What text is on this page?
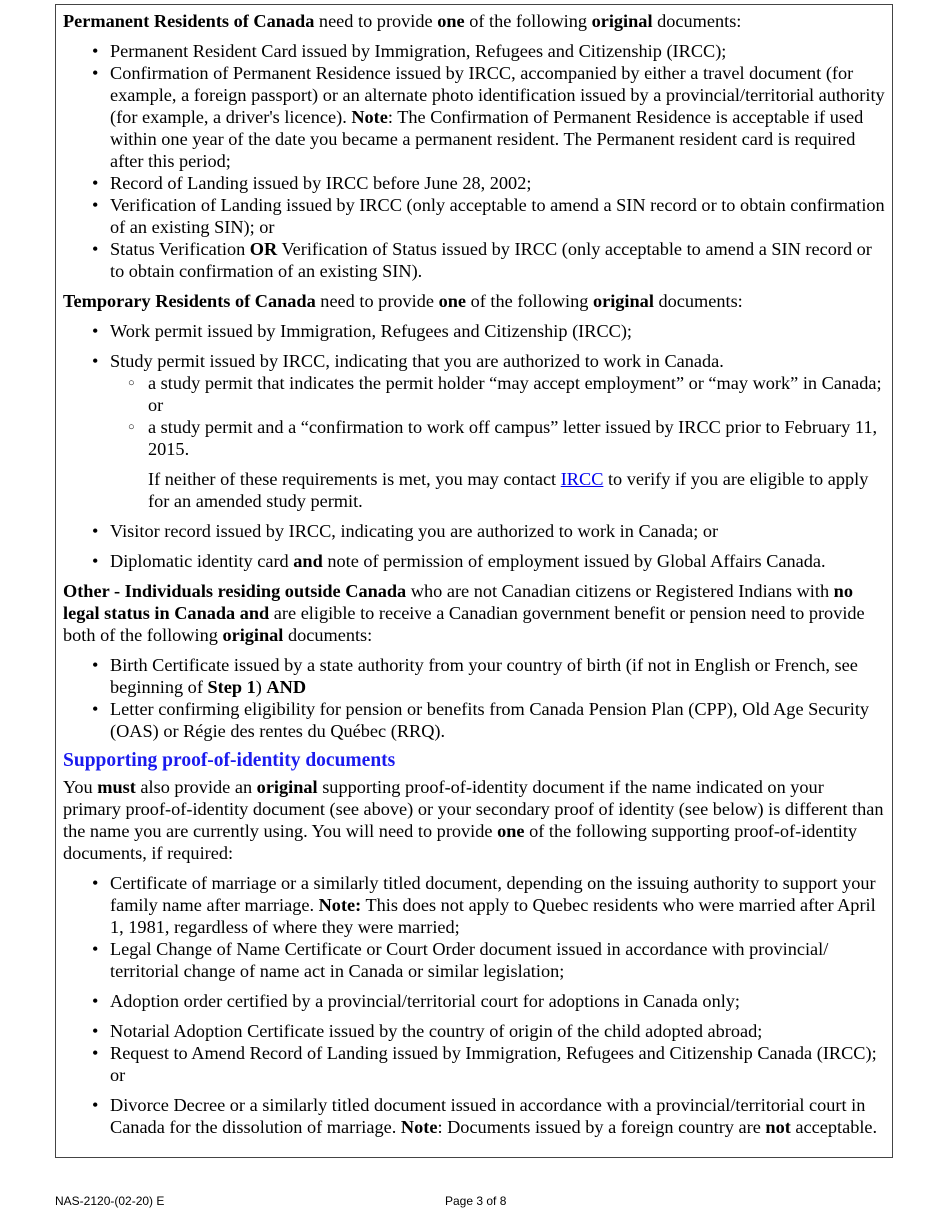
Permanent Residents of Canada need to provide one of the following original documents:

• Permanent Resident Card issued by Immigration, Refugees and Citizenship (IRCC);
• Confirmation of Permanent Residence issued by IRCC, accompanied by either a travel document (for example, a foreign passport) or an alternate photo identification issued by a provincial/territorial authority (for example, a driver's licence). Note: The Confirmation of Permanent Residence is acceptable if used within one year of the date you became a permanent resident. The Permanent resident card is required after this period;
• Record of Landing issued by IRCC before June 28, 2002;
• Verification of Landing issued by IRCC (only acceptable to amend a SIN record or to obtain confirmation of an existing SIN); or
• Status Verification OR Verification of Status issued by IRCC (only acceptable to amend a SIN record or to obtain confirmation of an existing SIN).

Temporary Residents of Canada need to provide one of the following original documents:

• Work permit issued by Immigration, Refugees and Citizenship (IRCC);
• Study permit issued by IRCC, indicating that you are authorized to work in Canada.
○ a study permit that indicates the permit holder “may accept employment” or “may work” in Canada; or
○ a study permit and a “confirmation to work off campus” letter issued by IRCC prior to February 11, 2015.
If neither of these requirements is met, you may contact IRCC to verify if you are eligible to apply for an amended study permit.
• Visitor record issued by IRCC, indicating you are authorized to work in Canada; or
• Diplomatic identity card and note of permission of employment issued by Global Affairs Canada.

Other - Individuals residing outside Canada who are not Canadian citizens or Registered Indians with no legal status in Canada and are eligible to receive a Canadian government benefit or pension need to provide both of the following original documents:

• Birth Certificate issued by a state authority from your country of birth (if not in English or French, see beginning of Step 1) AND
• Letter confirming eligibility for pension or benefits from Canada Pension Plan (CPP), Old Age Security (OAS) or Régie des rentes du Québec (RRQ).
Supporting proof-of-identity documents

You must also provide an original supporting proof-of-identity document if the name indicated on your primary proof-of-identity document (see above) or your secondary proof of identity (see below) is different than the name you are currently using. You will need to provide one of the following supporting proof-of-identity documents, if required:

• Certificate of marriage or a similarly titled document, depending on the issuing authority to support your family name after marriage. Note: This does not apply to Quebec residents who were married after April 1, 1981, regardless of where they were married;
• Legal Change of Name Certificate or Court Order document issued in accordance with provincial/ territorial change of name act in Canada or similar legislation;
• Adoption order certified by a provincial/territorial court for adoptions in Canada only;
• Notarial Adoption Certificate issued by the country of origin of the child adopted abroad;
• Request to Amend Record of Landing issued by Immigration, Refugees and Citizenship Canada (IRCC); or
• Divorce Decree or a similarly titled document issued in accordance with a provincial/territorial court in Canada for the dissolution of marriage. Note: Documents issued by a foreign country are not acceptable.
NAS-2120-(02-20) E	Page 3 of 8
